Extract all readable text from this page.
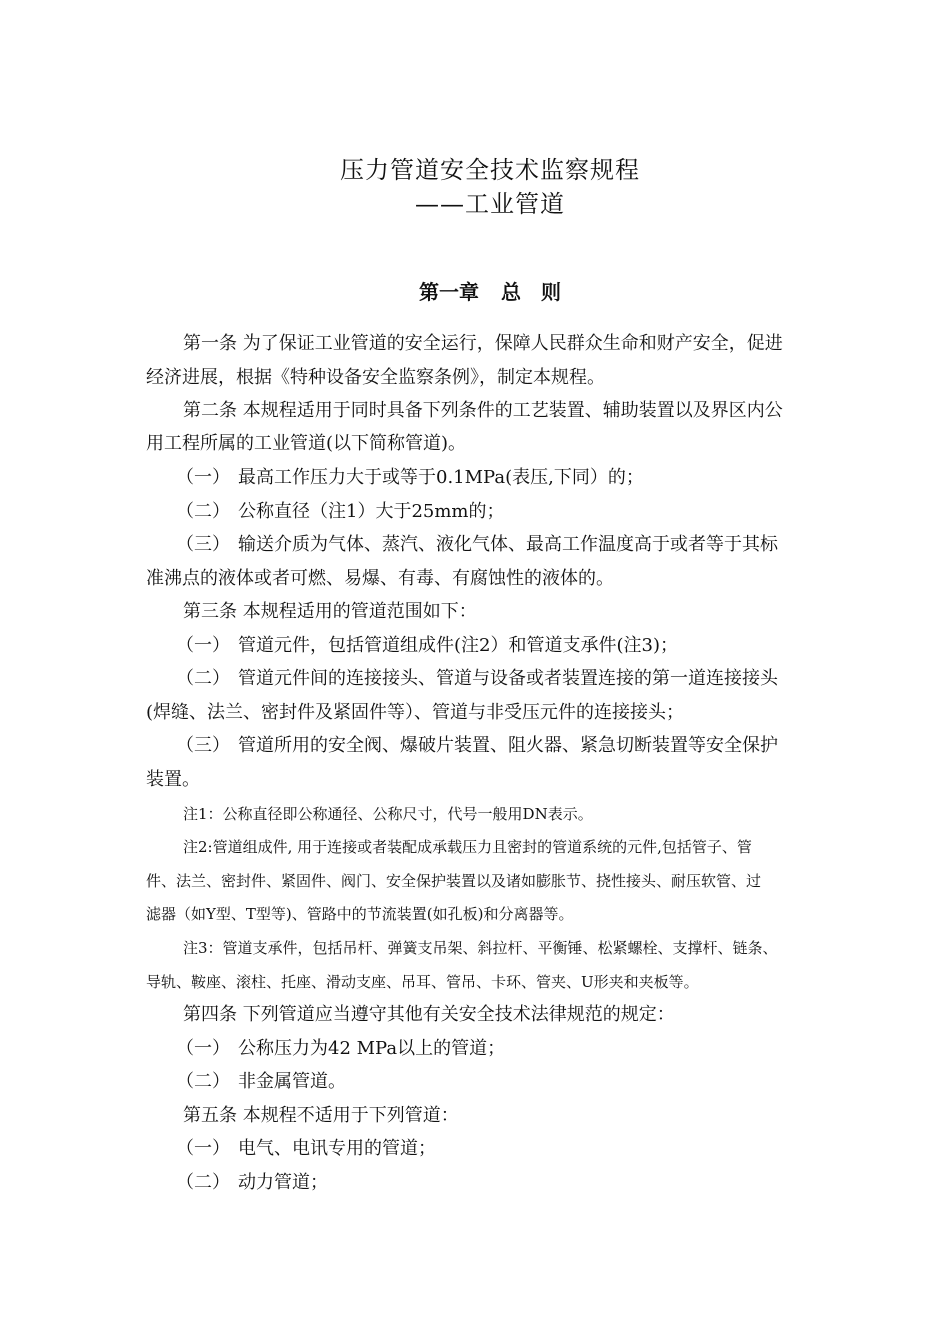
压力管道安全技术监察规程
——工业管道
第一章 总　则
第一条 为了保证工业管道的安全运行，保障人民群众生命和财产安全，促进
经济进展，根据《特种设备安全监察条例》，制定本规程。
第二条 本规程适用于同时具备下列条件的工艺装置、辅助装置以及界区内公
用工程所属的工业管道(以下简称管道)。
（一） 最高工作压力大于或等于0.1MPa(表压,下同）的；
（二） 公称直径（注1）大于25mm的；
（三） 输送介质为气体、蒸汽、液化气体、最高工作温度高于或者等于其标
准沸点的液体或者可燃、易爆、有毒、有腐蚀性的液体的。
第三条 本规程适用的管道范围如下：
（一） 管道元件，包括管道组成件(注2）和管道支承件(注3)；
（二） 管道元件间的连接接头、管道与设备或者装置连接的第一道连接接头
(焊缝、法兰、密封件及紧固件等）、管道与非受压元件的连接接头；
（三） 管道所用的安全阀、爆破片装置、阻火器、紧急切断装置等安全保护
装置。
注1：公称直径即公称通径、公称尺寸，代号一般用DN表示。
注2:管道组成件, 用于连接或者装配成承载压力且密封的管道系统的元件,包括管子、管
件、法兰、密封件、紧固件、阀门、安全保护装置以及诸如膨胀节、挠性接头、耐压软管、过
滤器（如Y型、T型等)、管路中的节流装置(如孔板)和分离器等。
注3：管道支承件，包括吊杆、弹簧支吊架、斜拉杆、平衡锤、松紧螺栓、支撑杆、链条、
导轨、鞍座、滚柱、托座、滑动支座、吊耳、管吊、卡环、管夹、U形夹和夹板等。
第四条 下列管道应当遵守其他有关安全技术法律规范的规定：
（一） 公称压力为42 MPa以上的管道；
（二） 非金属管道。
第五条 本规程不适用于下列管道：
（一） 电气、电讯专用的管道；
（二） 动力管道；
